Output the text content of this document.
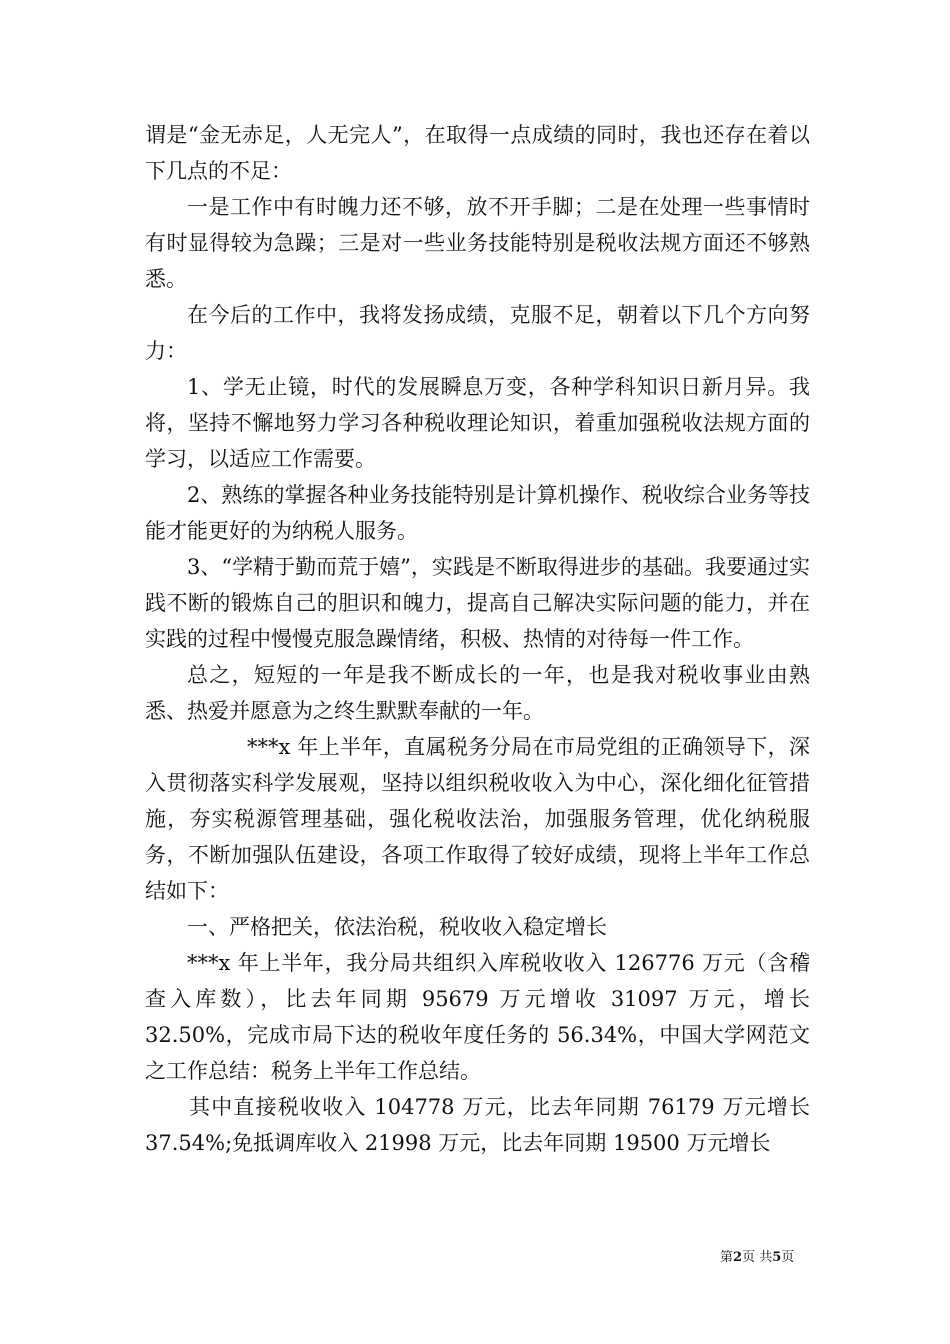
谓是“金无赤足，人无完人”，在取得一点成绩的同时，我也还存在着以下几点的不足：

一是工作中有时魄力还不够，放不开手脚；二是在处理一些事情时有时显得较为急躁；三是对一些业务技能特别是税收法规方面还不够熟悉。

在今后的工作中，我将发扬成绩，克服不足，朝着以下几个方向努力：

1、学无止镜，时代的发展瞬息万变，各种学科知识日新月异。我将，坚持不懈地努力学习各种税收理论知识，着重加强税收法规方面的学习，以适应工作需要。

2、熟练的掌握各种业务技能特别是计算机操作、税收综合业务等技能才能更好的为纳税人服务。

3、“学精于勤而荒于嬉”，实践是不断取得进步的基础。我要通过实践不断的锻炼自己的胆识和魄力，提高自己解决实际问题的能力，并在实践的过程中慢慢克服急躁情绪，积极、热情的对待每一件工作。

总之，短短的一年是我不断成长的一年，也是我对税收事业由熟悉、热爱并愿意为之终生默默奉献的一年。

***x 年上半年，直属税务分局在市局党组的正确领导下，深入贯彻落实科学发展观，坚持以组织税收收入为中心，深化细化征管措施，夯实税源管理基础，强化税收法治，加强服务管理，优化纳税服务，不断加强队伍建设，各项工作取得了较好成绩，现将上半年工作总结如下：

一、严格把关，依法治税，税收收入稳定增长

***x 年上半年，我分局共组织入库税收收入 126776 万元（含稽查入库数），比去年同期 95679 万元增收 31097 万元，增长 32.50%，完成市局下达的税收年度任务的 56.34%，中国大学网范文之工作总结：税务上半年工作总结。

其中直接税收收入 104778 万元，比去年同期 76179 万元增长 37.54%;免抵调库收入 21998 万元，比去年同期 19500 万元增长

第2页 共5页
